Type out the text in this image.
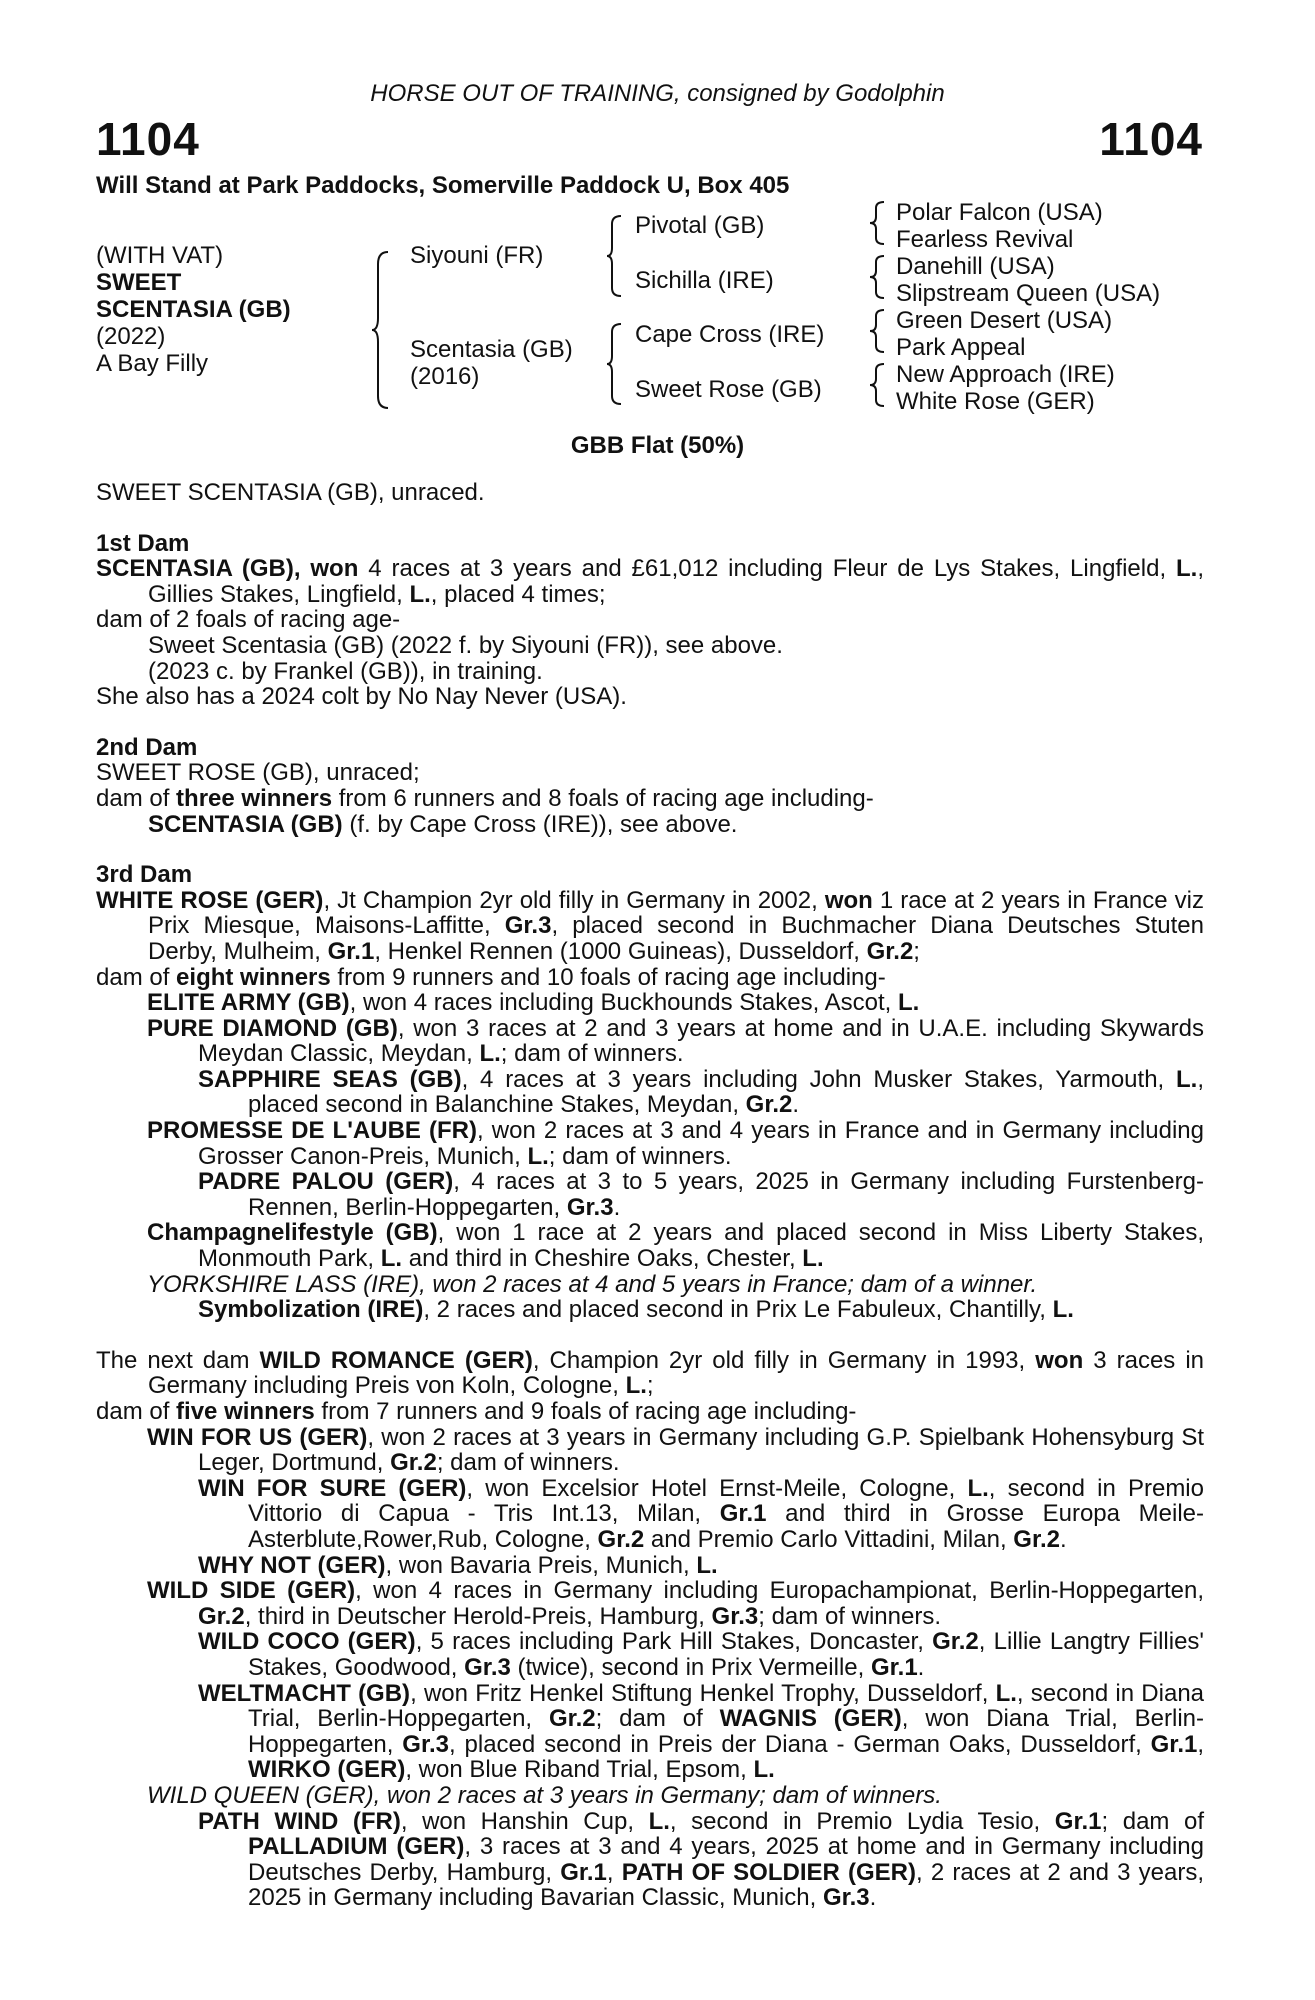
HORSE OUT OF TRAINING, consigned by Godolphin
1104	1104
Will Stand at Park Paddocks, Somerville Paddock U, Box 405
(WITH VAT)
SWEET
SCENTASIA (GB)
(2022)
A Bay Filly
Siyouni (FR)
Scentasia (GB)
(2016)
Pivotal (GB)
Sichilla (IRE)
Cape Cross (IRE)
Sweet Rose (GB)
Polar Falcon (USA)
Fearless Revival
Danehill (USA)
Slipstream Queen (USA)
Green Desert (USA)
Park Appeal
New Approach (IRE)
White Rose (GER)
GBB Flat (50%)

SWEET SCENTASIA (GB), unraced.

1st Dam

SCENTASIA (GB), won 4 races at 3 years and £61,012 including Fleur de Lys Stakes, Lingfield, L., Gillies Stakes, Lingfield, L., placed 4 times;

dam of 2 foals of racing age-

Sweet Scentasia (GB) (2022 f. by Siyouni (FR)), see above.

(2023 c. by Frankel (GB)), in training.

She also has a 2024 colt by No Nay Never (USA).

2nd Dam

SWEET ROSE (GB), unraced;

dam of three winners from 6 runners and 8 foals of racing age including-

SCENTASIA (GB) (f. by Cape Cross (IRE)), see above.

3rd Dam

WHITE ROSE (GER), Jt Champion 2yr old filly in Germany in 2002, won 1 race at 2 years in France viz Prix Miesque, Maisons-Laffitte, Gr.3, placed second in Buchmacher Diana Deutsches Stuten Derby, Mulheim, Gr.1, Henkel Rennen (1000 Guineas), Dusseldorf, Gr.2;

dam of eight winners from 9 runners and 10 foals of racing age including-

ELITE ARMY (GB), won 4 races including Buckhounds Stakes, Ascot, L.

PURE DIAMOND (GB), won 3 races at 2 and 3 years at home and in U.A.E. including Skywards Meydan Classic, Meydan, L.; dam of winners.

SAPPHIRE SEAS (GB), 4 races at 3 years including John Musker Stakes, Yarmouth, L., placed second in Balanchine Stakes, Meydan, Gr.2.

PROMESSE DE L'AUBE (FR), won 2 races at 3 and 4 years in France and in Germany including Grosser Canon-Preis, Munich, L.; dam of winners.

PADRE PALOU (GER), 4 races at 3 to 5 years, 2025 in Germany including Furstenberg-Rennen, Berlin-Hoppegarten, Gr.3.

Champagnelifestyle (GB), won 1 race at 2 years and placed second in Miss Liberty Stakes, Monmouth Park, L. and third in Cheshire Oaks, Chester, L.

YORKSHIRE LASS (IRE), won 2 races at 4 and 5 years in France; dam of a winner.

Symbolization (IRE), 2 races and placed second in Prix Le Fabuleux, Chantilly, L.

The next dam WILD ROMANCE (GER), Champion 2yr old filly in Germany in 1993, won 3 races in Germany including Preis von Koln, Cologne, L.;

dam of five winners from 7 runners and 9 foals of racing age including-

WIN FOR US (GER), won 2 races at 3 years in Germany including G.P. Spielbank Hohensyburg St Leger, Dortmund, Gr.2; dam of winners.

WIN FOR SURE (GER), won Excelsior Hotel Ernst-Meile, Cologne, L., second in Premio Vittorio di Capua - Tris Int.13, Milan, Gr.1 and third in Grosse Europa Meile-Asterblute,Rower,Rub, Cologne, Gr.2 and Premio Carlo Vittadini, Milan, Gr.2.

WHY NOT (GER), won Bavaria Preis, Munich, L.

WILD SIDE (GER), won 4 races in Germany including Europachampionat, Berlin-Hoppegarten, Gr.2, third in Deutscher Herold-Preis, Hamburg, Gr.3; dam of winners.

WILD COCO (GER), 5 races including Park Hill Stakes, Doncaster, Gr.2, Lillie Langtry Fillies' Stakes, Goodwood, Gr.3 (twice), second in Prix Vermeille, Gr.1.

WELTMACHT (GB), won Fritz Henkel Stiftung Henkel Trophy, Dusseldorf, L., second in Diana Trial, Berlin-Hoppegarten, Gr.2; dam of WAGNIS (GER), won Diana Trial, Berlin-Hoppegarten, Gr.3, placed second in Preis der Diana - German Oaks, Dusseldorf, Gr.1, WIRKO (GER), won Blue Riband Trial, Epsom, L.

WILD QUEEN (GER), won 2 races at 3 years in Germany; dam of winners.

PATH WIND (FR), won Hanshin Cup, L., second in Premio Lydia Tesio, Gr.1; dam of PALLADIUM (GER), 3 races at 3 and 4 years, 2025 at home and in Germany including Deutsches Derby, Hamburg, Gr.1, PATH OF SOLDIER (GER), 2 races at 2 and 3 years, 2025 in Germany including Bavarian Classic, Munich, Gr.3.
